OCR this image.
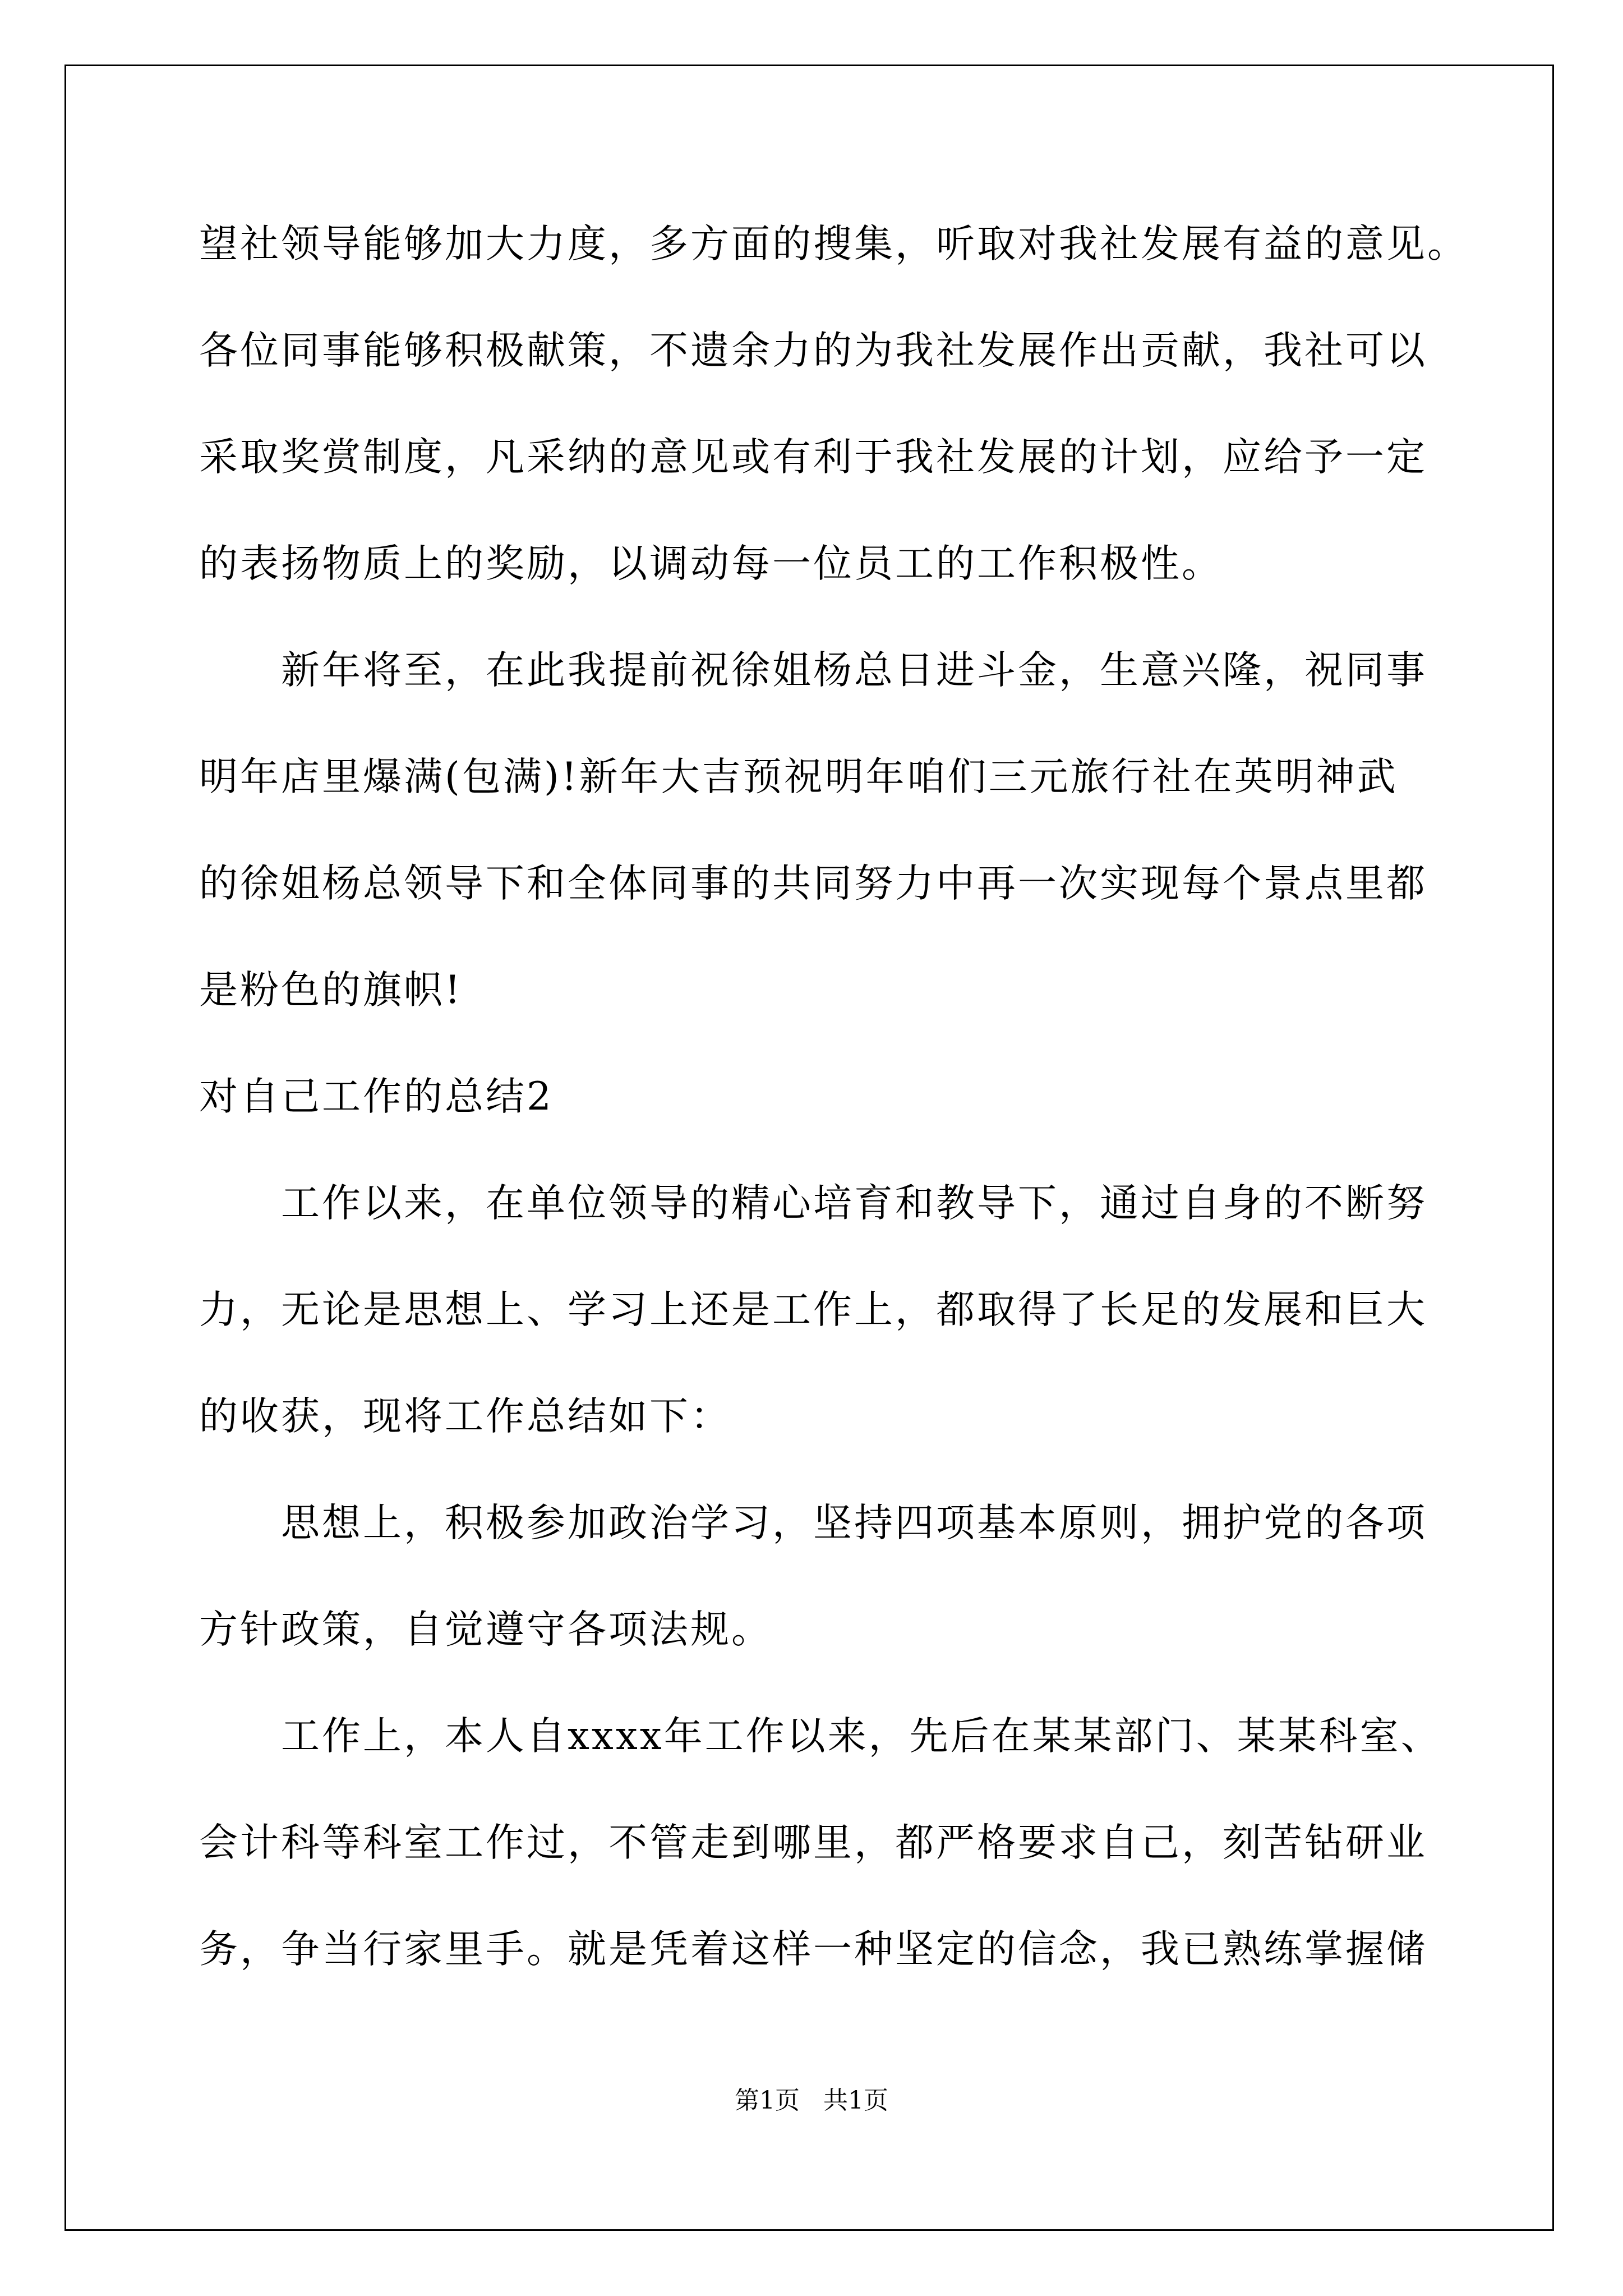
望社领导能够加大力度，多方面的搜集，听取对我社发展有益的意见。
各位同事能够积极献策，不遗余力的为我社发展作出贡献，我社可以
采取奖赏制度，凡采纳的意见或有利于我社发展的计划，应给予一定
的表扬物质上的奖励，以调动每一位员工的工作积极性。
　　新年将至，在此我提前祝徐姐杨总日进斗金，生意兴隆，祝同事
明年店里爆满(包满)!新年大吉预祝明年咱们三元旅行社在英明神武
的徐姐杨总领导下和全体同事的共同努力中再一次实现每个景点里都
是粉色的旗帜!
对自己工作的总结2
　　工作以来，在单位领导的精心培育和教导下，通过自身的不断努
力，无论是思想上、学习上还是工作上，都取得了长足的发展和巨大
的收获，现将工作总结如下：
　　思想上，积极参加政治学习，坚持四项基本原则，拥护党的各项
方针政策，自觉遵守各项法规。
　　工作上，本人自xxxx年工作以来，先后在某某部门、某某科室、
会计科等科室工作过，不管走到哪里，都严格要求自己，刻苦钻研业
务，争当行家里手。就是凭着这样一种坚定的信念，我已熟练掌握储
第1页   共1页
